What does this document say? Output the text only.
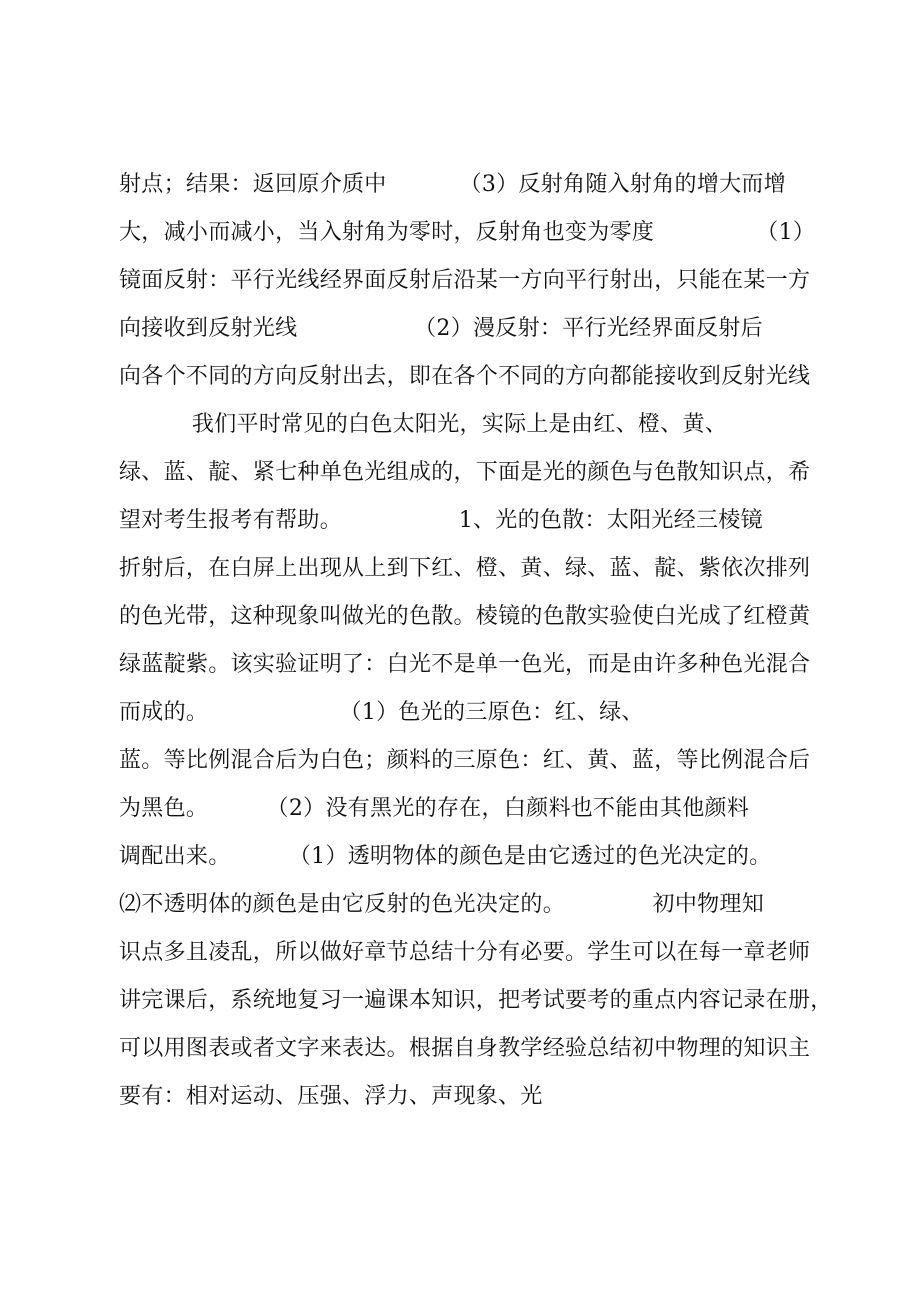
射点；结果：返回原介质中          （3）反射角随入射角的增大而增
大，减小而减小，当入射角为零时，反射角也变为零度              （1）
镜面反射：平行光线经界面反射后沿某一方向平行射出，只能在某一方
向接收到反射光线                （2）漫反射：平行光经界面反射后
向各个不同的方向反射出去，即在各个不同的方向都能接收到反射光线
我们平时常见的白色太阳光，实际上是由红、橙、黄、
绿、蓝、靛、紧七种单色光组成的，下面是光的颜色与色散知识点，希
望对考生报考有帮助。                1、光的色散：太阳光经三棱镜
折射后，在白屏上出现从上到下红、橙、黄、绿、蓝、靛、紫依次排列
的色光带，这种现象叫做光的色散。棱镜的色散实验使白光成了红橙黄
绿蓝靛紫。该实验证明了：白光不是单一色光，而是由许多种色光混合
而成的。                  （1）色光的三原色：红、绿、
蓝。等比例混合后为白色；颜料的三原色：红、黄、蓝，等比例混合后
为黑色。        （2）没有黑光的存在，白颜料也不能由其他颜料
调配出来。        （1）透明物体的颜色是由它透过的色光决定的。
⑵不透明体的颜色是由它反射的色光决定的。            初中物理知
识点多且凌乱，所以做好章节总结十分有必要。学生可以在每一章老师
讲完课后，系统地复习一遍课本知识，把考试要考的重点内容记录在册，
可以用图表或者文字来表达。根据自身教学经验总结初中物理的知识主
要有：相对运动、压强、浮力、声现象、光
